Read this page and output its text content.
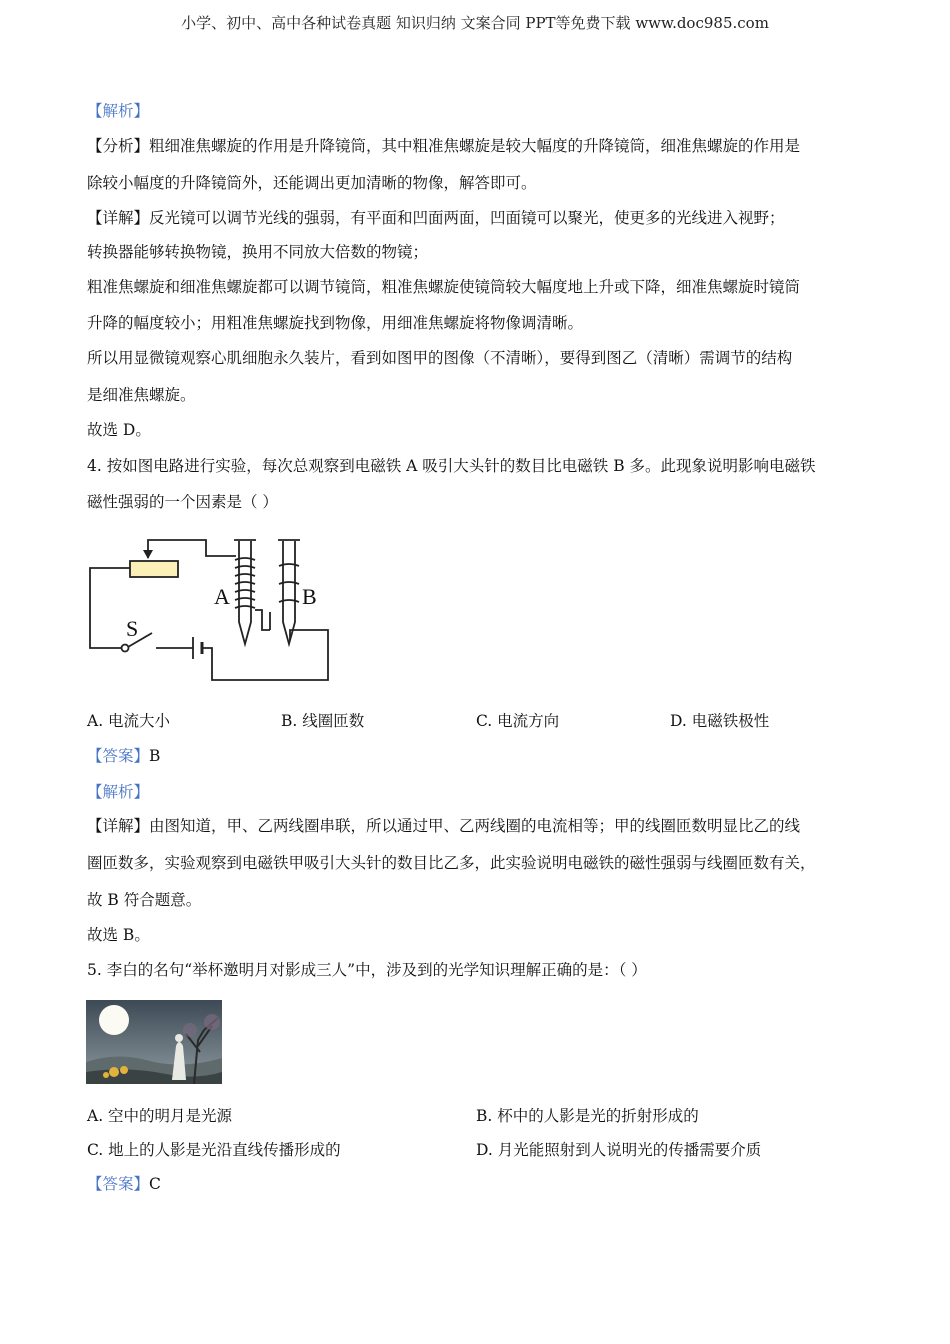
小学、初中、高中各种试卷真题 知识归纳 文案合同 PPT等免费下载 www.doc985.com
【解析】
【分析】粗细准焦螺旋的作用是升降镜筒，其中粗准焦螺旋是较大幅度的升降镜筒，细准焦螺旋的作用是
除较小幅度的升降镜筒外，还能调出更加清晰的物像，解答即可。
【详解】反光镜可以调节光线的强弱，有平面和凹面两面，凹面镜可以聚光，使更多的光线进入视野；
转换器能够转换物镜，换用不同放大倍数的物镜；
粗准焦螺旋和细准焦螺旋都可以调节镜筒，粗准焦螺旋使镜筒较大幅度地上升或下降，细准焦螺旋时镜筒
升降的幅度较小；用粗准焦螺旋找到物像，用细准焦螺旋将物像调清晰。
所以用显微镜观察心肌细胞永久装片，看到如图甲的图像（不清晰），要得到图乙（清晰）需调节的结构
是细准焦螺旋。
故选 D。
4. 按如图电路进行实验，每次总观察到电磁铁 A 吸引大头针的数目比电磁铁 B 多。此现象说明影响电磁铁
磁性强弱的一个因素是（ ）
A	B
S
A. 电流大小	B. 线圈匝数	C. 电流方向	D. 电磁铁极性
【答案】B
【解析】
【详解】由图知道，甲、乙两线圈串联，所以通过甲、乙两线圈的电流相等；甲的线圈匝数明显比乙的线
圈匝数多，实验观察到电磁铁甲吸引大头针的数目比乙多，此实验说明电磁铁的磁性强弱与线圈匝数有关，
故 B 符合题意。
故选 B。
5. 李白的名句“举杯邀明月对影成三人”中，涉及到的光学知识理解正确的是：（ ）
A. 空中的明月是光源	B. 杯中的人影是光的折射形成的
C. 地上的人影是光沿直线传播形成的	D. 月光能照射到人说明光的传播需要介质
【答案】C
